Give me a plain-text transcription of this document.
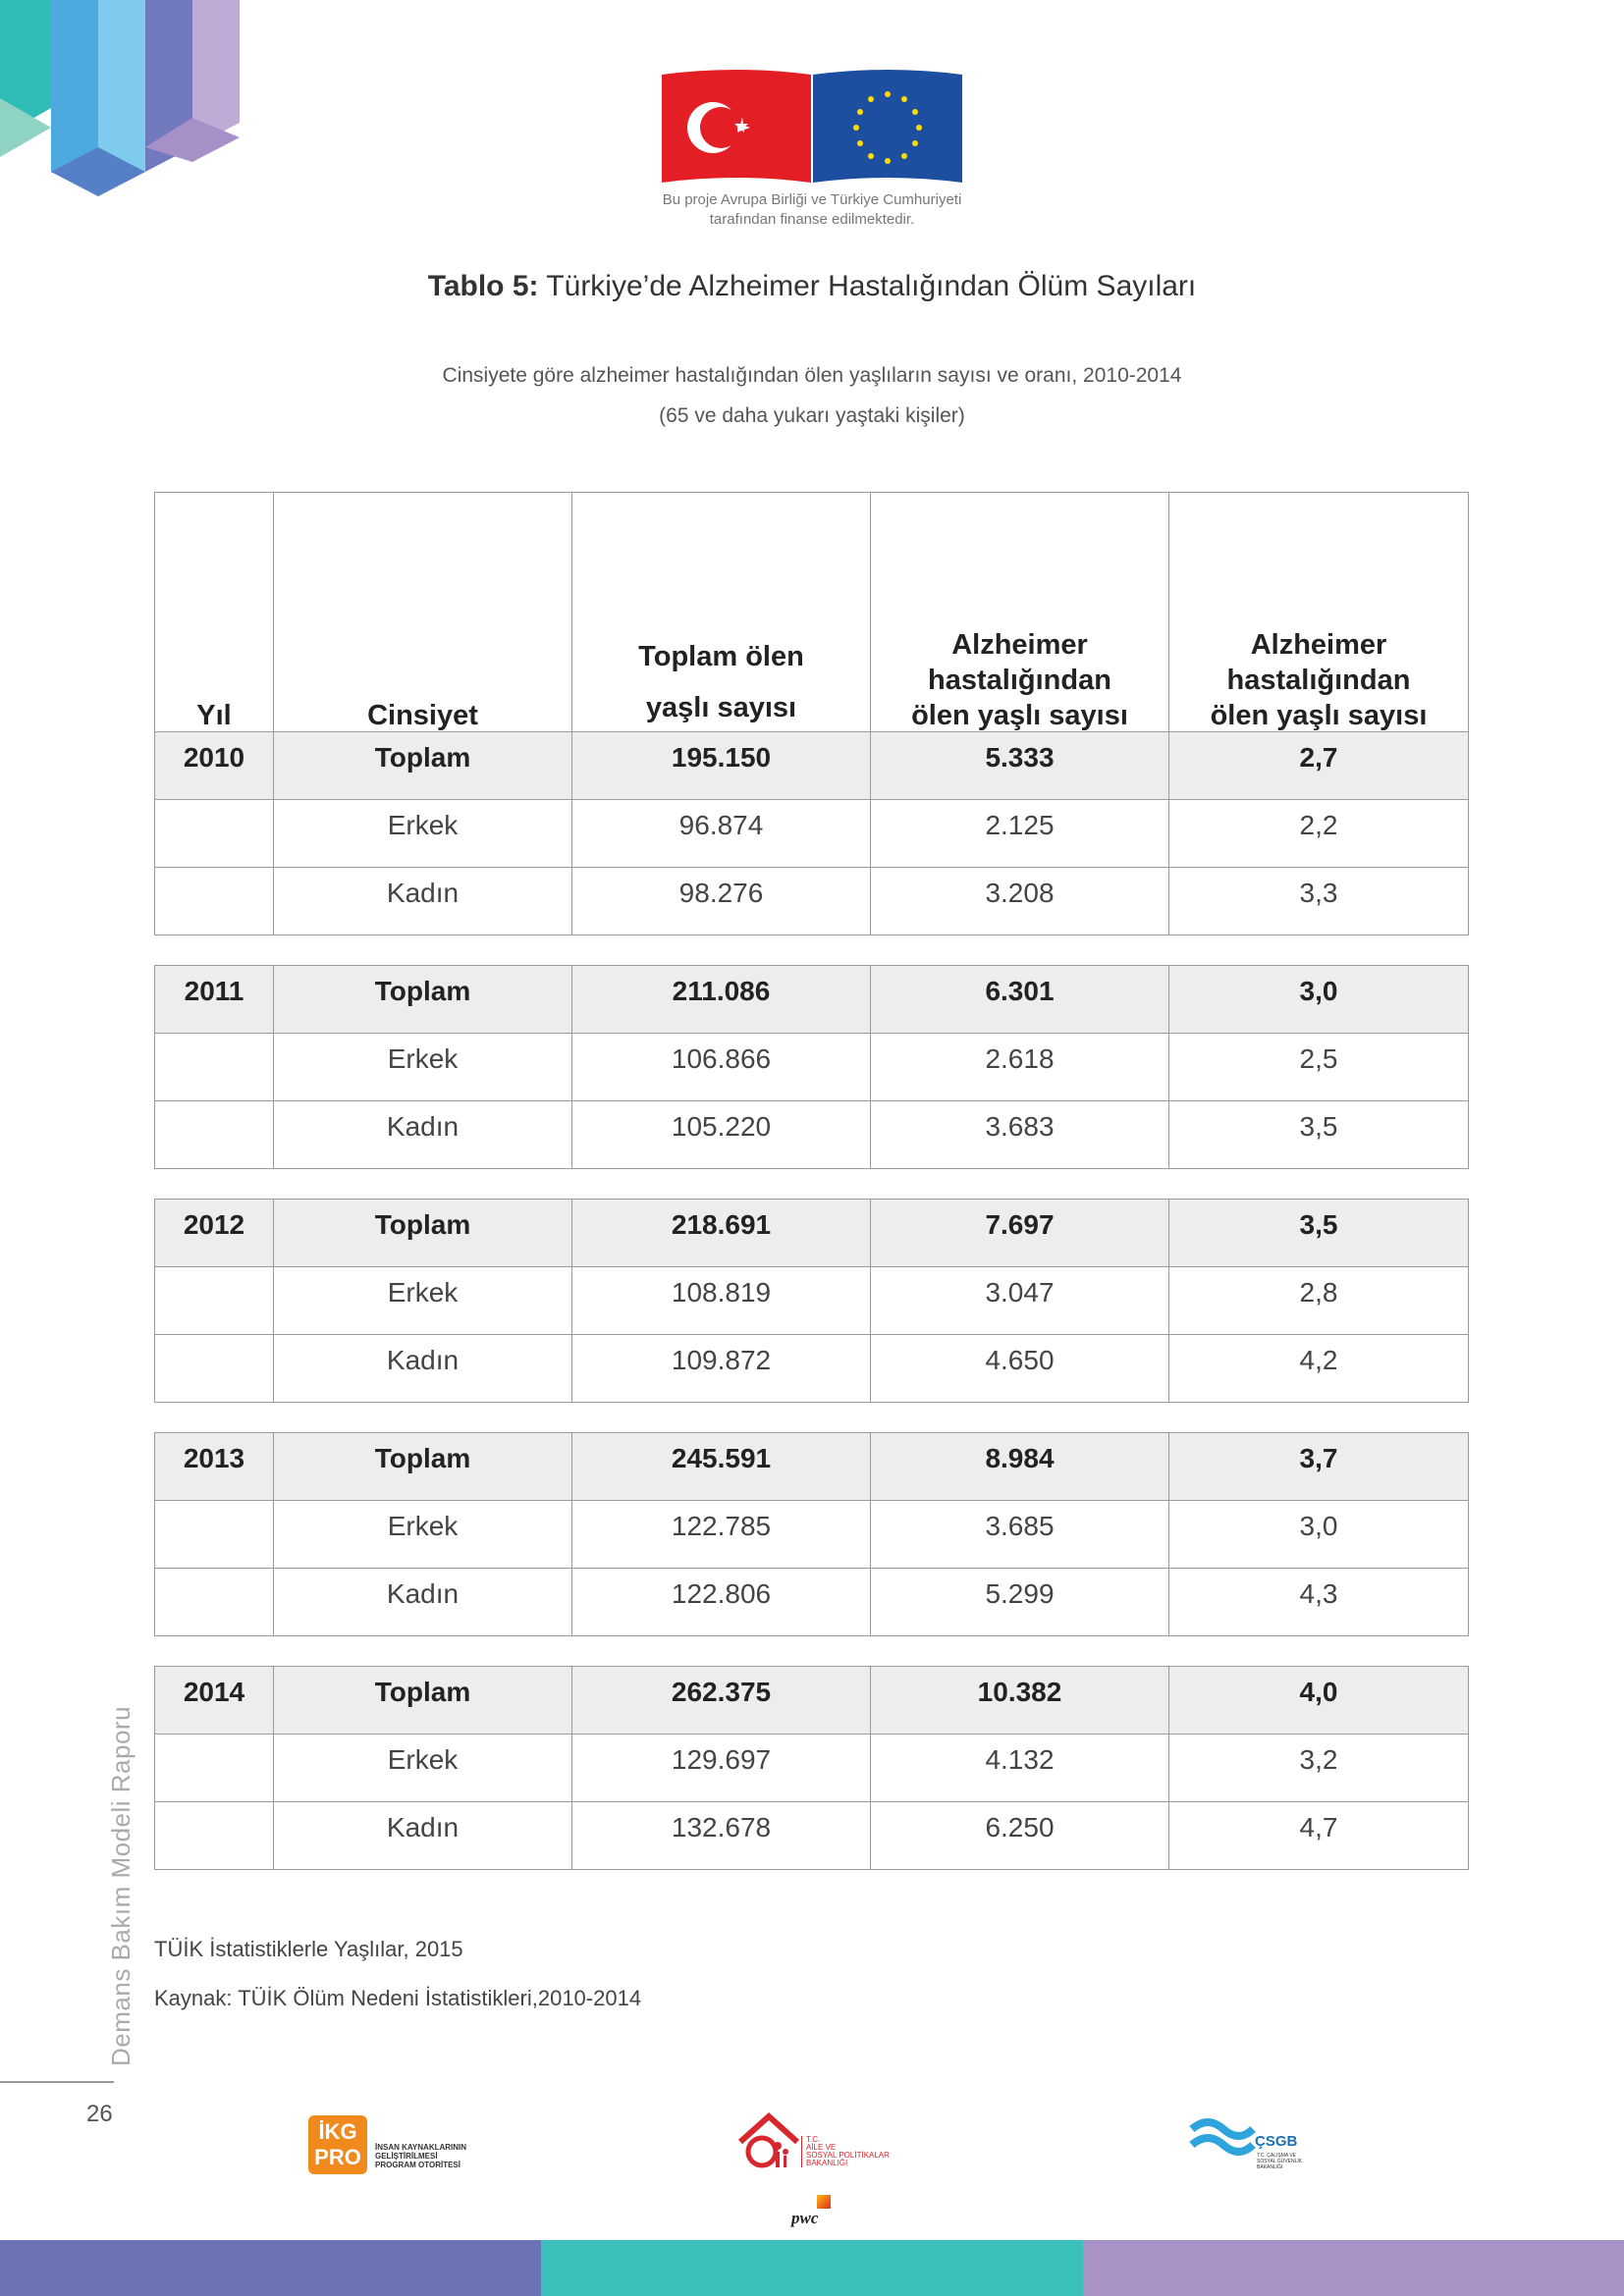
Bu proje Avrupa Birliği ve Türkiye Cumhuriyeti
tarafından finanse edilmektedir.
Tablo 5: Türkiye’de Alzheimer Hastalığından Ölüm Sayıları
Cinsiyete göre alzheimer hastalığından ölen yaşlıların sayısı ve oranı, 2010-2014
(65 ve daha yukarı yaştaki kişiler)
Yıl	Cinsiyet	Toplam ölen yaşlı sayısı	Alzheimer hastalığından ölen yaşlı sayısı	Alzheimer hastalığından ölen yaşlı sayısı
2010	Toplam	195.150	5.333	2,7
	Erkek	96.874	2.125	2,2
	Kadın	98.276	3.208	3,3
2011	Toplam	211.086	6.301	3,0
	Erkek	106.866	2.618	2,5
	Kadın	105.220	3.683	3,5
2012	Toplam	218.691	7.697	3,5
	Erkek	108.819	3.047	2,8
	Kadın	109.872	4.650	4,2
2013	Toplam	245.591	8.984	3,7
	Erkek	122.785	3.685	3,0
	Kadın	122.806	5.299	4,3
2014	Toplam	262.375	10.382	4,0
	Erkek	129.697	4.132	3,2
	Kadın	132.678	6.250	4,7
TÜİK İstatistiklerle Yaşlılar, 2015
Kaynak: TÜİK Ölüm Nedeni İstatistikleri,2010-2014
Demans Bakım Modeli Raporu
26
İKG
PRO	İNSAN KAYNAKLARININ
GELİŞTİRİLMESİ
PROGRAM OTORİTESİ
T.C.
AİLE VE
SOSYAL POLİTİKALAR
BAKANLIĞI
pwc
ÇSGB
T.C. ÇALIŞMA VE
SOSYAL GÜVENLİK
BAKANLIĞI
